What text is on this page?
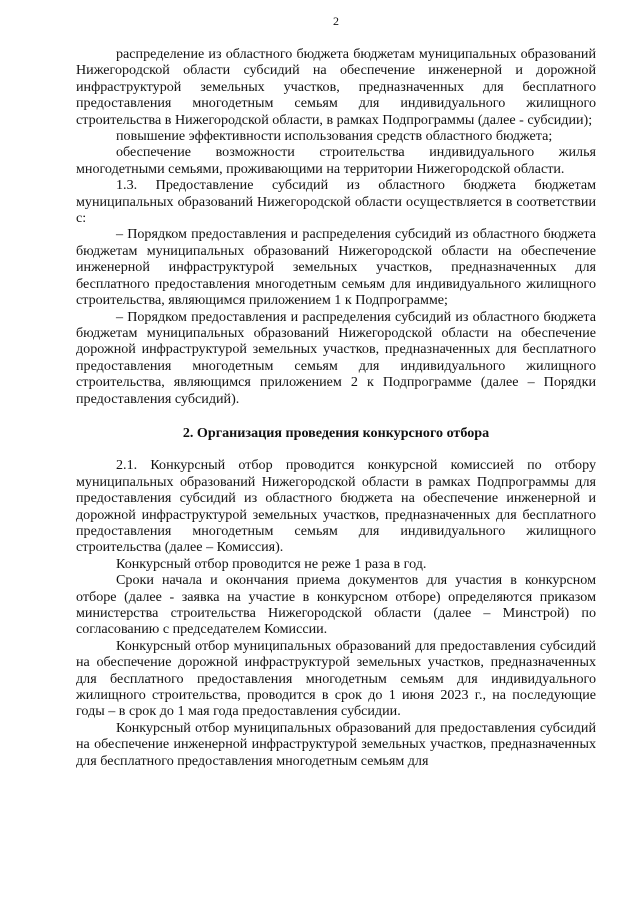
2

распределение из областного бюджета бюджетам муниципальных образований Нижегородской области субсидий на обеспечение инженерной и дорожной инфраструктурой земельных участков, предназначенных для бесплатного предоставления многодетным семьям для индивидуального жилищного строительства в Нижегородской области, в рамках Подпрограммы (далее - субсидии);

повышение эффективности использования средств областного бюджета;

обеспечение возможности строительства индивидуального жилья многодетными семьями, проживающими на территории Нижегородской области.

1.3. Предоставление субсидий из областного бюджета бюджетам муниципальных образований Нижегородской области осуществляется в соответствии с:

– Порядком предоставления и распределения субсидий из областного бюджета бюджетам муниципальных образований Нижегородской области на обеспечение инженерной инфраструктурой земельных участков, предназначенных для бесплатного предоставления многодетным семьям для индивидуального жилищного строительства, являющимся приложением 1 к Подпрограмме;

– Порядком предоставления и распределения субсидий из областного бюджета бюджетам муниципальных образований Нижегородской области на обеспечение дорожной инфраструктурой земельных участков, предназначенных для бесплатного предоставления многодетным семьям для индивидуального жилищного строительства, являющимся приложением 2 к Подпрограмме (далее – Порядки предоставления субсидий).

2. Организация проведения конкурсного отбора

2.1. Конкурсный отбор проводится конкурсной комиссией по отбору муниципальных образований Нижегородской области в рамках Подпрограммы для предоставления субсидий из областного бюджета на обеспечение инженерной и дорожной инфраструктурой земельных участков, предназначенных для бесплатного предоставления многодетным семьям для индивидуального жилищного строительства (далее – Комиссия).

Конкурсный отбор проводится не реже 1 раза в год.

Сроки начала и окончания приема документов для участия в конкурсном отборе (далее - заявка на участие в конкурсном отборе) определяются приказом министерства строительства Нижегородской области (далее – Минстрой) по согласованию с председателем Комиссии.

Конкурсный отбор муниципальных образований для предоставления субсидий на обеспечение дорожной инфраструктурой земельных участков, предназначенных для бесплатного предоставления многодетным семьям для индивидуального жилищного строительства, проводится в срок до 1 июня 2023 г., на последующие годы – в срок до 1 мая года предоставления субсидии.

Конкурсный отбор муниципальных образований для предоставления субсидий на обеспечение инженерной инфраструктурой земельных участков, предназначенных для бесплатного предоставления многодетным семьям для
